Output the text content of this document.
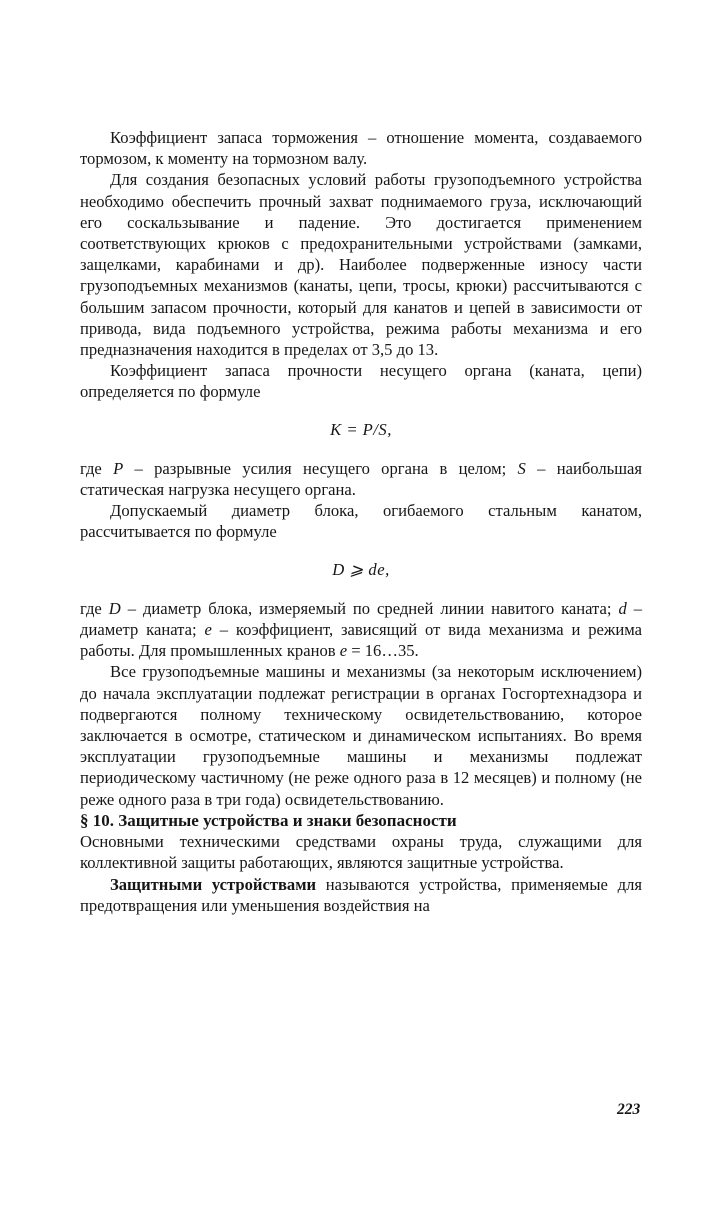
Коэффициент запаса торможения – отношение момента, создаваемого тормозом, к моменту на тормозном валу.

Для создания безопасных условий работы грузоподъемного устройства необходимо обеспечить прочный захват поднимаемого груза, исключающий его соскальзывание и падение. Это достигается применением соответствующих крюков с предохранительными устройствами (замками, защелками, карабинами и др). Наиболее подверженные износу части грузоподъемных механизмов (канаты, цепи, тросы, крюки) рассчитываются с большим запасом прочности, который для канатов и цепей в зависимости от привода, вида подъемного устройства, режима работы механизма и его предназначения находится в пределах от 3,5 до 13.

Коэффициент запаса прочности несущего органа (каната, цепи) определяется по формуле

K = P/S,

где P – разрывные усилия несущего органа в целом; S – наибольшая статическая нагрузка несущего органа.

Допускаемый диаметр блока, огибаемого стальным канатом, рассчитывается по формуле

D ⩾ de,

где D – диаметр блока, измеряемый по средней линии навитого каната; d – диаметр каната; e – коэффициент, зависящий от вида механизма и режима работы. Для промышленных кранов e = 16…35.

Все грузоподъемные машины и механизмы (за некоторым исключением) до начала эксплуатации подлежат регистрации в органах Госгортехнадзора и подвергаются полному техническому освидетельствованию, которое заключается в осмотре, статическом и динамическом испытаниях. Во время эксплуатации грузоподъемные машины и механизмы подлежат периодическому частичному (не реже одного раза в 12 месяцев) и полному (не реже одного раза в три года) освидетельствованию.

§ 10. Защитные устройства и знаки безопасности

Основными техническими средствами охраны труда, служащими для коллективной защиты работающих, являются защитные устройства.

Защитными устройствами называются устройства, применяемые для предотвращения или уменьшения воздействия на

223
